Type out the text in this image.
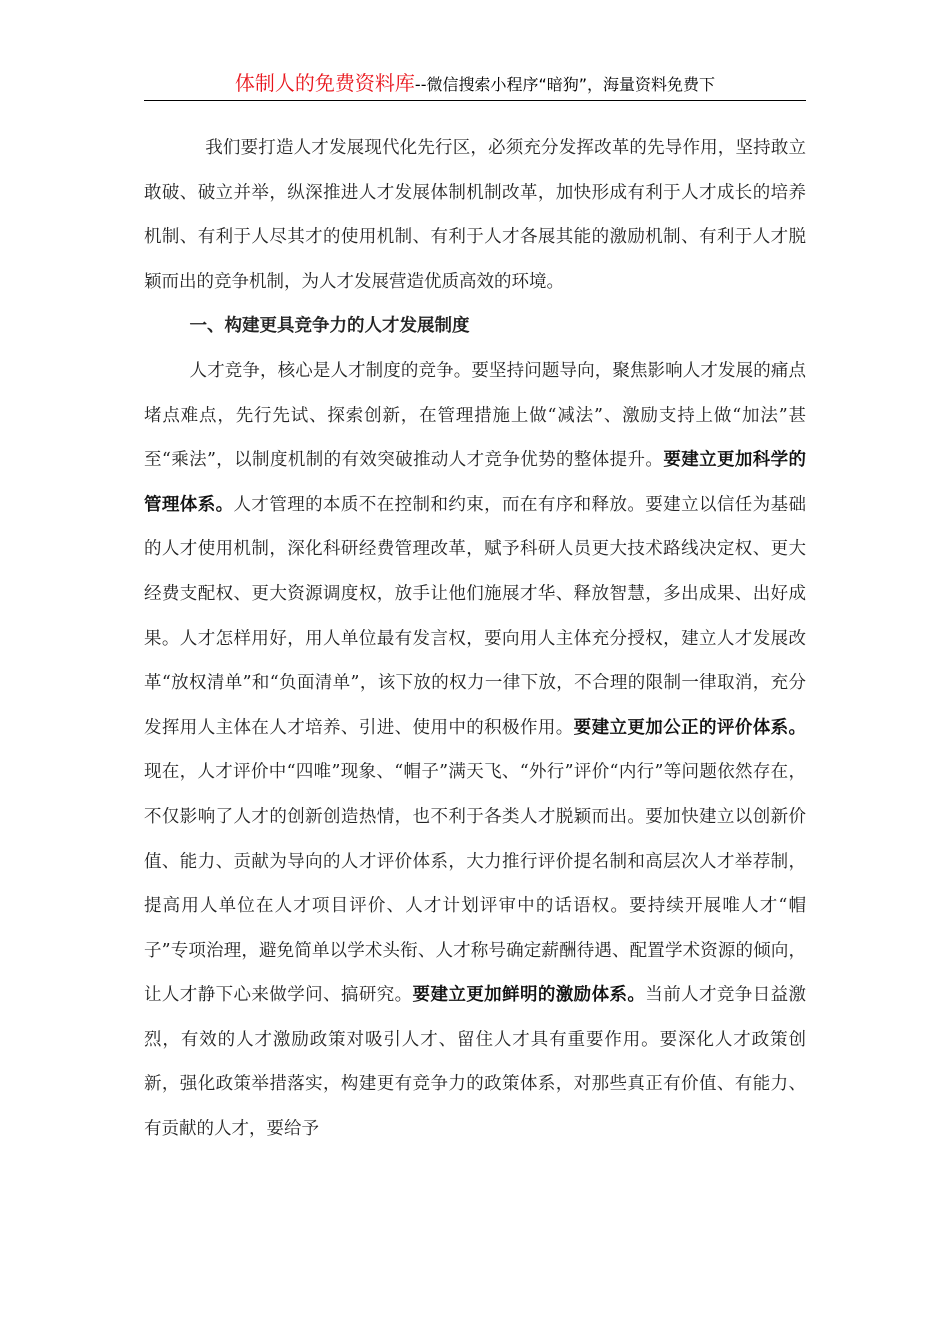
体制人的免费资料库--微信搜索小程序“暗狗”，海量资料免费下

我们要打造人才发展现代化先行区，必须充分发挥改革的先导作用，坚持敢立敢破、破立并举，纵深推进人才发展体制机制改革，加快形成有利于人才成长的培养机制、有利于人尽其才的使用机制、有利于人才各展其能的激励机制、有利于人才脱颖而出的竞争机制，为人才发展营造优质高效的环境。

一、构建更具竞争力的人才发展制度

人才竞争，核心是人才制度的竞争。要坚持问题导向，聚焦影响人才发展的痛点堵点难点，先行先试、探索创新，在管理措施上做“减法”、激励支持上做“加法”甚至“乘法”，以制度机制的有效突破推动人才竞争优势的整体提升。要建立更加科学的管理体系。人才管理的本质不在控制和约束，而在有序和释放。要建立以信任为基础的人才使用机制，深化科研经费管理改革，赋予科研人员更大技术路线决定权、更大经费支配权、更大资源调度权，放手让他们施展才华、释放智慧，多出成果、出好成果。人才怎样用好，用人单位最有发言权，要向用人主体充分授权，建立人才发展改革“放权清单”和“负面清单”，该下放的权力一律下放，不合理的限制一律取消，充分发挥用人主体在人才培养、引进、使用中的积极作用。要建立更加公正的评价体系。现在，人才评价中“四唯”现象、“帽子”满天飞、“外行”评价“内行”等问题依然存在，不仅影响了人才的创新创造热情，也不利于各类人才脱颖而出。要加快建立以创新价值、能力、贡献为导向的人才评价体系，大力推行评价提名制和高层次人才举荐制，提高用人单位在人才项目评价、人才计划评审中的话语权。要持续开展唯人才“帽子”专项治理，避免简单以学术头衔、人才称号确定薪酬待遇、配置学术资源的倾向，让人才静下心来做学问、搞研究。要建立更加鲜明的激励体系。当前人才竞争日益激烈，有效的人才激励政策对吸引人才、留住人才具有重要作用。要深化人才政策创新，强化政策举措落实，构建更有竞争力的政策体系，对那些真正有价值、有能力、有贡献的人才，要给予
